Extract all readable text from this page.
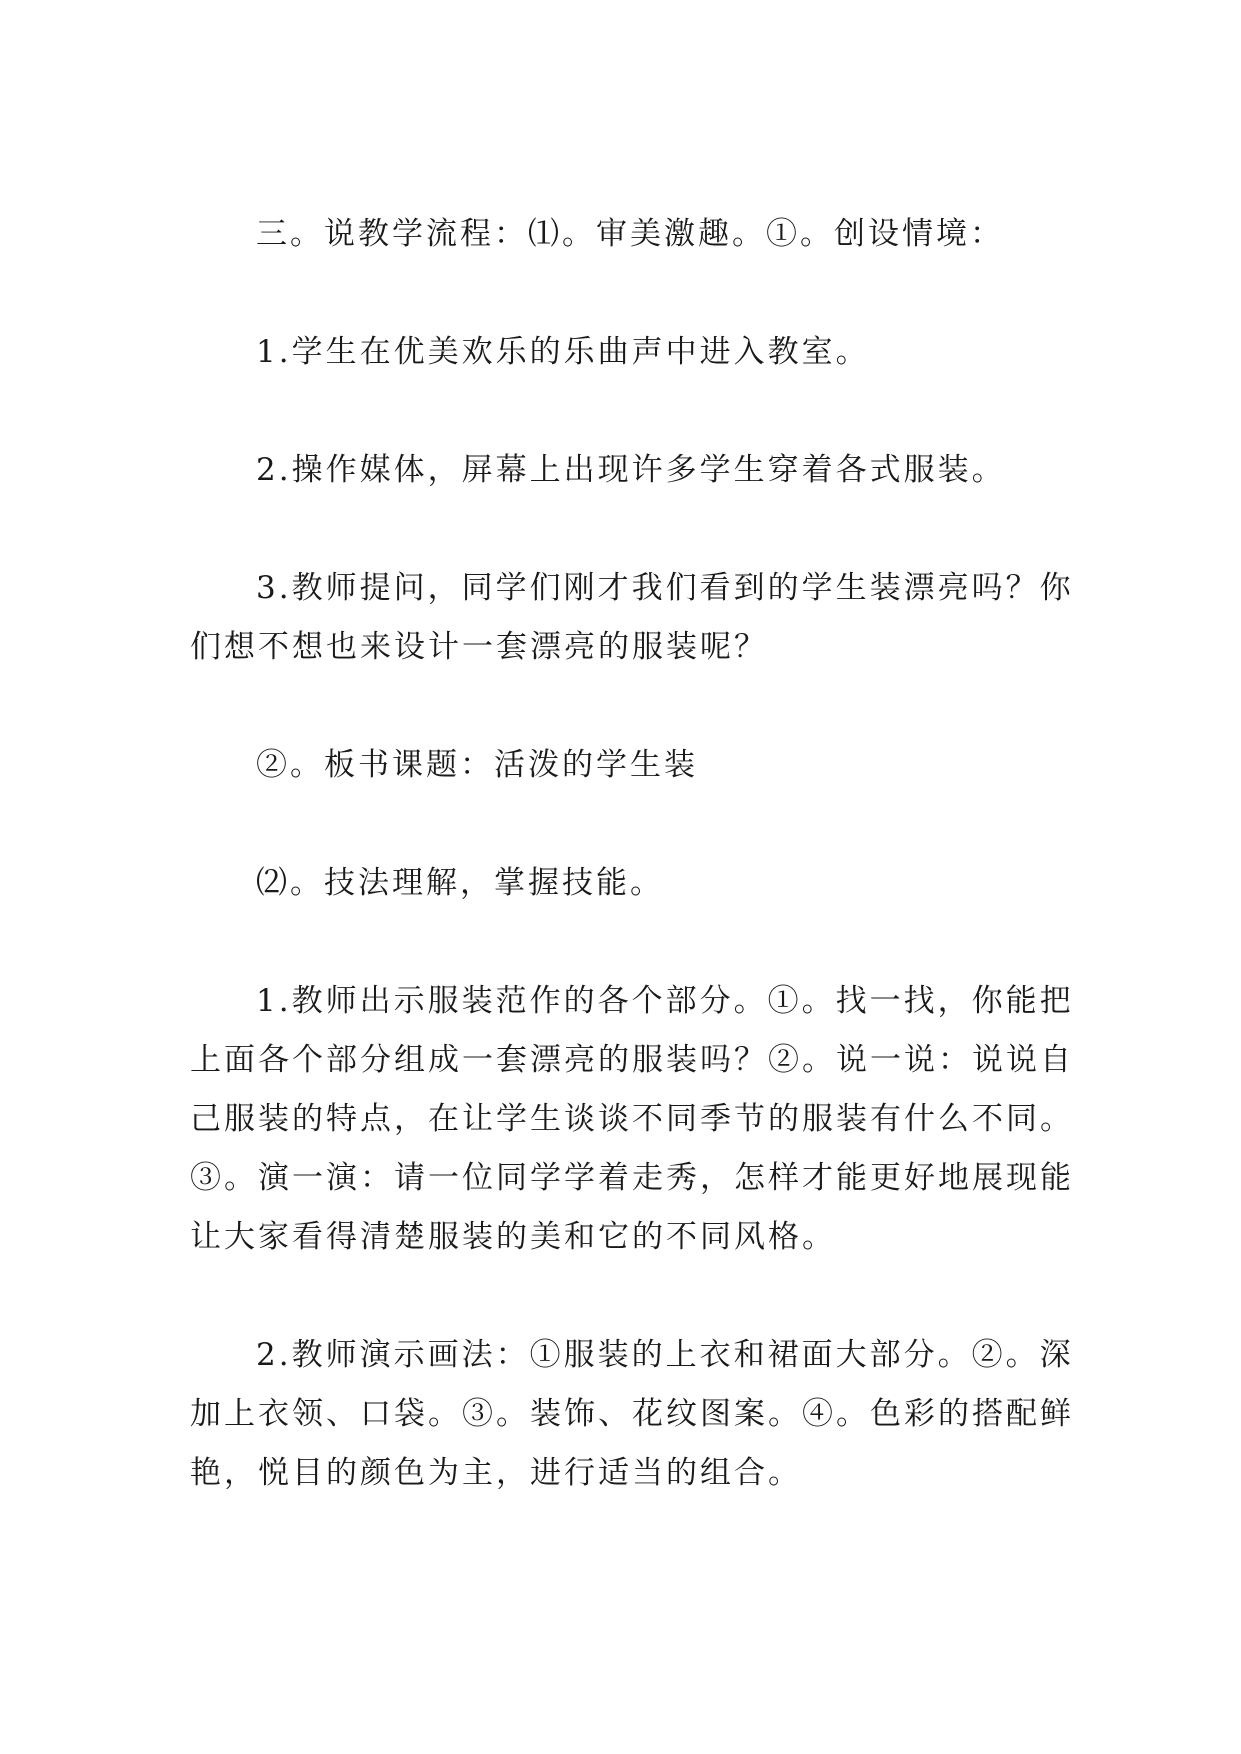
三。说教学流程：⑴。审美激趣。①。创设情境：

1.学生在优美欢乐的乐曲声中进入教室。

2.操作媒体，屏幕上出现许多学生穿着各式服装。

3.教师提问，同学们刚才我们看到的学生装漂亮吗？你
们想不想也来设计一套漂亮的服装呢？

②。板书课题：活泼的学生装

⑵。技法理解，掌握技能。

1.教师出示服装范作的各个部分。①。找一找，你能把
上面各个部分组成一套漂亮的服装吗？②。说一说：说说自
己服装的特点，在让学生谈谈不同季节的服装有什么不同。
③。演一演：请一位同学学着走秀，怎样才能更好地展现能
让大家看得清楚服装的美和它的不同风格。

2.教师演示画法：①服装的上衣和裙面大部分。②。深
加上衣领、口袋。③。装饰、花纹图案。④。色彩的搭配鲜
艳，悦目的颜色为主，进行适当的组合。
